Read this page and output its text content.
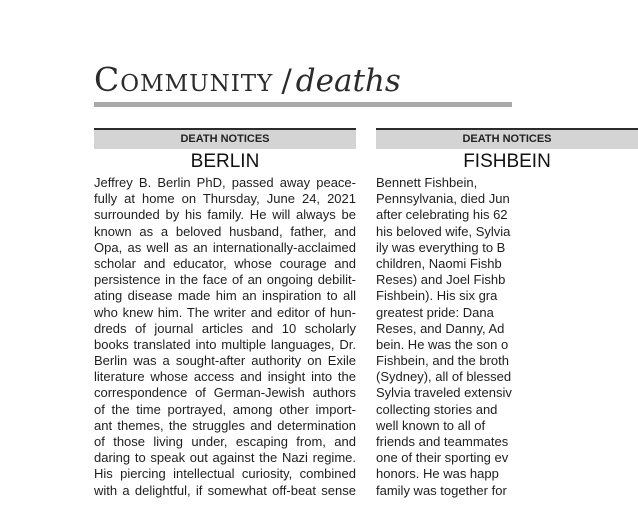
Community / deaths
DEATH NOTICES
BERLIN
Jeffrey B. Berlin PhD, passed away peace-
fully at home on Thursday, June 24, 2021
surrounded by his family. He will always be
known as a beloved husband, father, and
Opa, as well as an internationally-acclaimed
scholar and educator, whose courage and
persistence in the face of an ongoing debilit-
ating disease made him an inspiration to all
who knew him. The writer and editor of hun-
dreds of journal articles and 10 scholarly
books translated into multiple languages, Dr.
Berlin was a sought-after authority on Exile
literature whose access and insight into the
correspondence of German-Jewish authors
of the time portrayed, among other import-
ant themes, the struggles and determination
of those living under, escaping from, and
daring to speak out against the Nazi regime.
His piercing intellectual curiosity, combined
with a delightful, if somewhat off-beat sense
DEATH NOTICES
FISHBEIN
Bennett Fishbein,
Pennsylvania, died Jun
after celebrating his 62
his beloved wife, Sylvia
ily was everything to B
children, Naomi Fishb
Reses) and Joel Fishb
Fishbein). His six gra
greatest pride: Dana
Reses, and Danny, Ad
bein. He was the son o
Fishbein, and the broth
(Sydney), all of blessed
Sylvia traveled extensiv
collecting stories and
well known to all of
friends and teammates
one of their sporting ev
honors. He was happ
family was together for
